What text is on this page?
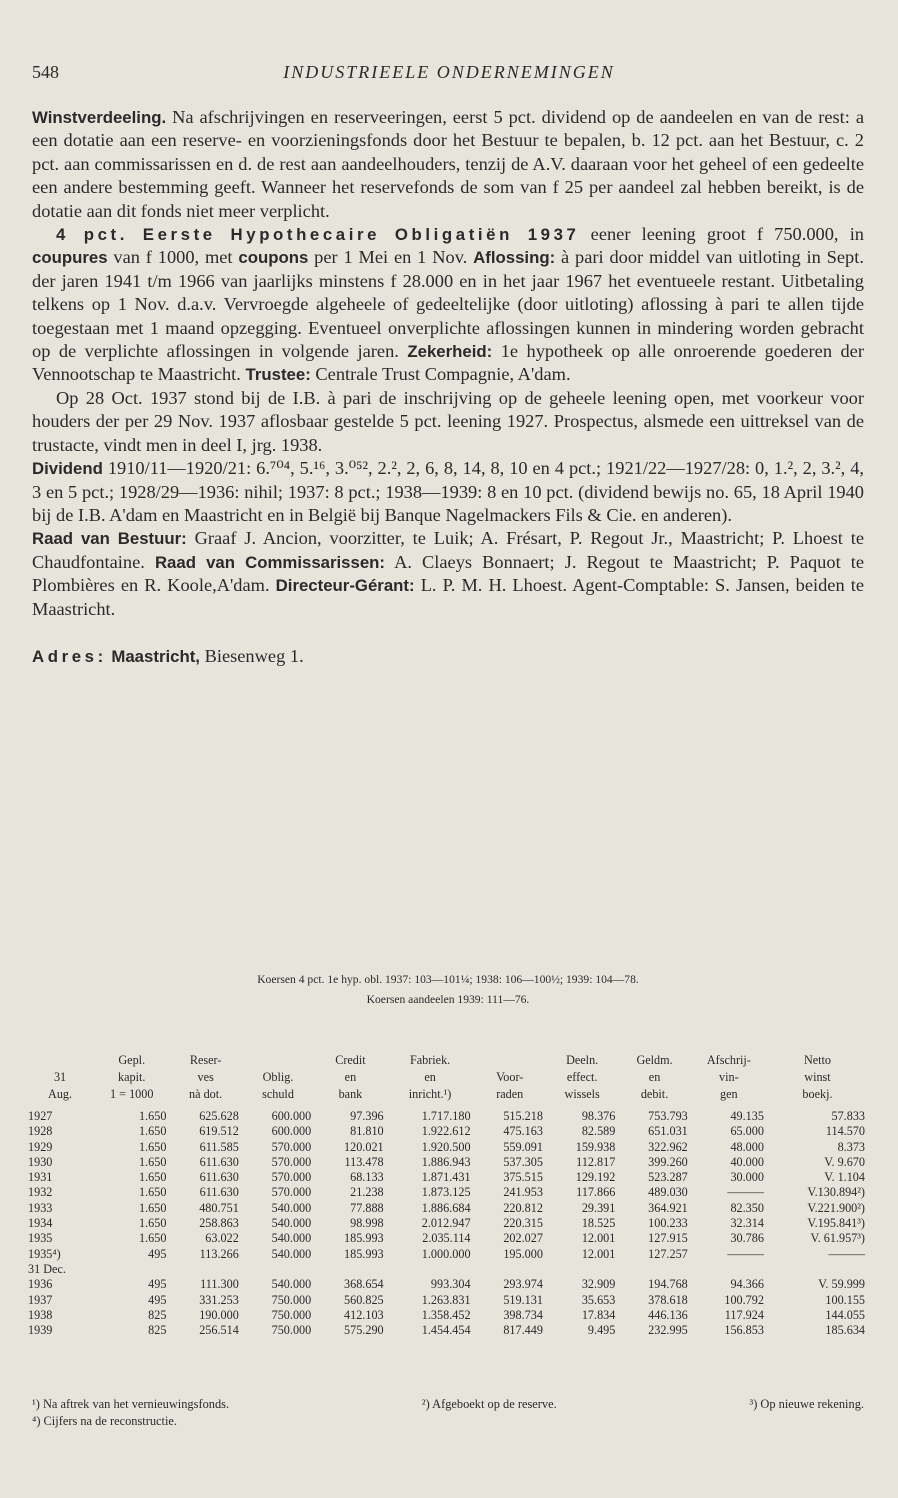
548	INDUSTRIEELE ONDERNEMINGEN

Winstverdeeling. Na afschrijvingen en reserveeringen, eerst 5 pct. dividend op de aandeelen en van de rest: a een dotatie aan een reserve- en voorzieningsfonds door het Bestuur te bepalen, b. 12 pct. aan het Bestuur, c. 2 pct. aan commissarissen en d. de rest aan aandeelhouders, tenzij de A.V. daaraan voor het geheel of een gedeelte een andere bestemming geeft. Wanneer het reservefonds de som van f 25 per aandeel zal hebben bereikt, is de dotatie aan dit fonds niet meer verplicht.

4 pct. Eerste Hypothecaire Obligatiën 1937 eener leening groot f 750.000, in coupures van f 1000, met coupons per 1 Mei en 1 Nov. Aflossing: à pari door middel van uitloting in Sept. der jaren 1941 t/m 1966 van jaarlijks minstens f 28.000 en in het jaar 1967 het eventueele restant. Uitbetaling telkens op 1 Nov. d.a.v. Vervroegde algeheele of gedeeltelijke (door uitloting) aflossing à pari te allen tijde toegestaan met 1 maand opzegging. Eventueel onverplichte aflossingen kunnen in mindering worden gebracht op de verplichte aflossingen in volgende jaren. Zekerheid: 1e hypotheek op alle onroerende goederen der Vennootschap te Maastricht. Trustee: Centrale Trust Compagnie, A'dam.

Op 28 Oct. 1937 stond bij de I.B. à pari de inschrijving op de geheele leening open, met voorkeur voor houders der per 29 Nov. 1937 aflosbaar gestelde 5 pct. leening 1927. Prospectus, alsmede een uittreksel van de trustacte, vindt men in deel I, jrg. 1938.

Dividend 1910/11—1920/21: 6.⁷⁰⁴, 5.¹⁶, 3.⁰⁵², 2.², 2, 6, 8, 14, 8, 10 en 4 pct.; 1921/22—1927/28: 0, 1.², 2, 3.², 4, 3 en 5 pct.; 1928/29—1936: nihil; 1937: 8 pct.; 1938—1939: 8 en 10 pct. (dividend bewijs no. 65, 18 April 1940 bij de I.B. A'dam en Maastricht en in België bij Banque Nagelmackers Fils & Cie. en anderen).

Raad van Bestuur: Graaf J. Ancion, voorzitter, te Luik; A. Frésart, P. Regout Jr., Maastricht; P. Lhoest te Chaudfontaine. Raad van Commissarissen: A. Claeys Bonnaert; J. Regout te Maastricht; P. Paquot te Plombières en R. Koole,A'dam. Directeur-Gérant: L. P. M. H. Lhoest. Agent-Comptable: S. Jansen, beiden te Maastricht.

Adres: Maastricht, Biesenweg 1.

Koersen 4 pct. 1e hyp. obl. 1937: 103—101¼; 1938: 106—100½; 1939: 104—78.
Koersen aandeelen 1939: 111—76.
	Gepl.	Reser-		Credit	Fabriek.		Deeln.	Geldm.	Afschrij-	Netto
31	kapit.	ves	Oblig.	en	en	Voor-	effect.	en	vin-	winst
Aug.	1 = 1000	nà dot.	schuld	bank	inricht.¹)	raden	wissels	debit.	gen	boekj.
1927	1.650	625.628	600.000	97.396	1.717.180	515.218	98.376	753.793	49.135	57.833
1928	1.650	619.512	600.000	81.810	1.922.612	475.163	82.589	651.031	65.000	114.570
1929	1.650	611.585	570.000	120.021	1.920.500	559.091	159.938	322.962	48.000	8.373
1930	1.650	611.630	570.000	113.478	1.886.943	537.305	112.817	399.260	40.000	V. 9.670
1931	1.650	611.630	570.000	68.133	1.871.431	375.515	129.192	523.287	30.000	V. 1.104
1932	1.650	611.630	570.000	21.238	1.873.125	241.953	117.866	489.030	———	V.130.894²)
1933	1.650	480.751	540.000	77.888	1.886.684	220.812	29.391	364.921	82.350	V.221.900²)
1934	1.650	258.863	540.000	98.998	2.012.947	220.315	18.525	100.233	32.314	V.195.841³)
1935	1.650	63.022	540.000	185.993	2.035.114	202.027	12.001	127.915	30.786	V. 61.957³)
1935⁴)	495	113.266	540.000	185.993	1.000.000	195.000	12.001	127.257	———	———
31 Dec.										
1936	495	111.300	540.000	368.654	993.304	293.974	32.909	194.768	94.366	V. 59.999
1937	495	331.253	750.000	560.825	1.263.831	519.131	35.653	378.618	100.792	100.155
1938	825	190.000	750.000	412.103	1.358.452	398.734	17.834	446.136	117.924	144.055
1939	825	256.514	750.000	575.290	1.454.454	817.449	9.495	232.995	156.853	185.634
¹) Na aftrek van het vernieuwingsfonds.	²) Afgeboekt op de reserve.	³) Op nieuwe rekening.
⁴) Cijfers na de reconstructie.
